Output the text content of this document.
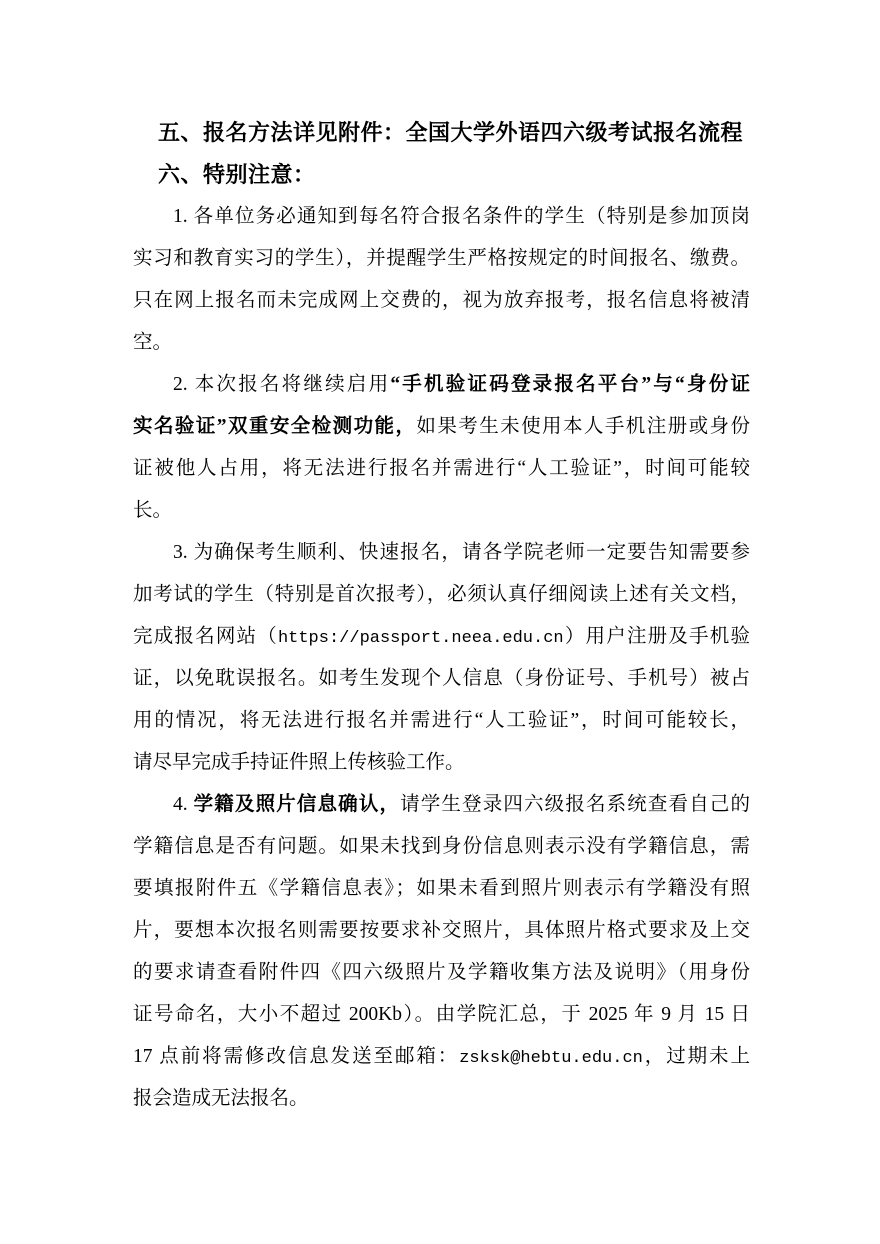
五、报名方法详见附件：全国大学外语四六级考试报名流程
六、特别注意：
1. 各单位务必通知到每名符合报名条件的学生（特别是参加顶岗
实习和教育实习的学生），并提醒学生严格按规定的时间报名、缴费。
只在网上报名而未完成网上交费的，视为放弃报考，报名信息将被清
空。
2. 本次报名将继续启用“手机验证码登录报名平台”与“身份证
实名验证”双重安全检测功能，如果考生未使用本人手机注册或身份
证被他人占用，将无法进行报名并需进行“人工验证”，时间可能较
长。
3. 为确保考生顺利、快速报名，请各学院老师一定要告知需要参
加考试的学生（特别是首次报考），必须认真仔细阅读上述有关文档，
完成报名网站（https://passport.neea.edu.cn）用户注册及手机验
证，以免耽误报名。如考生发现个人信息（身份证号、手机号）被占
用的情况，将无法进行报名并需进行“人工验证”，时间可能较长，
请尽早完成手持证件照上传核验工作。
4. 学籍及照片信息确认，请学生登录四六级报名系统查看自己的
学籍信息是否有问题。如果未找到身份信息则表示没有学籍信息，需
要填报附件五《学籍信息表》；如果未看到照片则表示有学籍没有照
片，要想本次报名则需要按要求补交照片，具体照片格式要求及上交
的要求请查看附件四《四六级照片及学籍收集方法及说明》（用身份
证号命名，大小不超过 200Kb）。由学院汇总，于 2025 年 9 月 15 日
17 点前将需修改信息发送至邮箱：zsksk@hebtu.edu.cn，过期未上
报会造成无法报名。
